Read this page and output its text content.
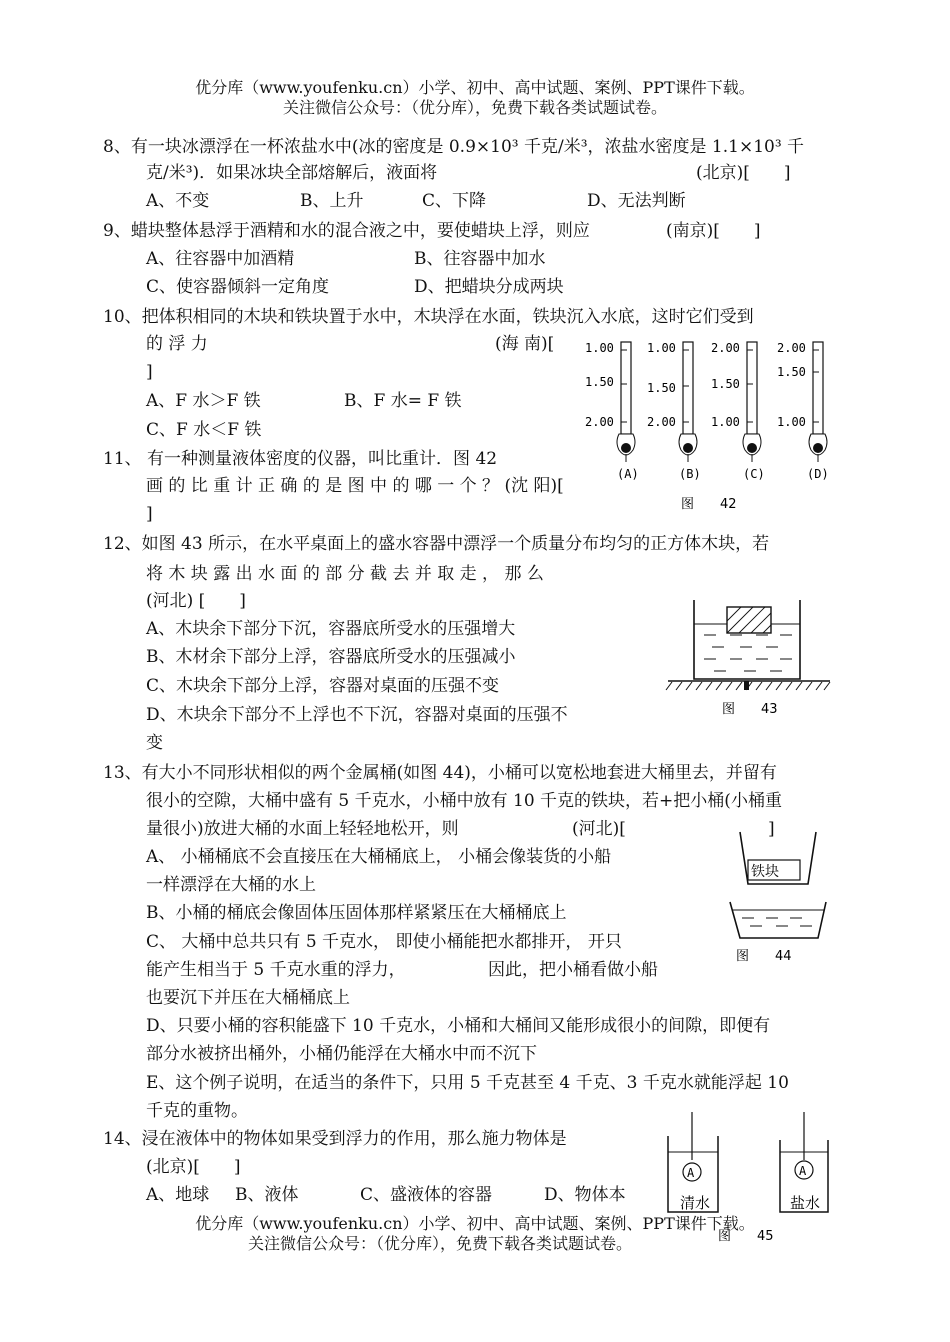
优分库（www.youfenku.cn）小学、初中、高中试题、案例、PPT课件下载。
关注微信公众号：（优分库），免费下载各类试题试卷。
8、有一块冰漂浮在一杯浓盐水中(冰的密度是 0.9×10³ 千克/米³，浓盐水密度是 1.1×10³ 千
克/米³)．如果冰块全部熔解后，液面将	(北京)[　　]
A、不变	B、上升	C、下降	D、无法判断
9、蜡块整体悬浮于酒精和水的混合液之中，要使蜡块上浮，则应	(南京)[　　]
A、往容器中加酒精	B、往容器中加水
C、使容器倾斜一定角度	D、把蜡块分成两块
10、把体积相同的木块和铁块置于水中，木块浮在水面，铁块沉入水底，这时它们受到
的 浮 力	(海 南)[
]
A、F 水＞F 铁	B、F 水= F 铁
C、F 水＜F 铁
11、 有一种测量液体密度的仪器，叫比重计．图 42
画 的 比 重 计 正 确 的 是 图 中 的 哪 一 个 ？ (沈 阳)[
]
1.00
1.50
2.00
(A)
1.00
1.50
2.00
(B)
2.00
1.50
1.00
(C)
2.00
1.50
1.00
(D)
图　　42
12、如图 43 所示，在水平桌面上的盛水容器中漂浮一个质量分布均匀的正方体木块，若
将 木 块 露 出 水 面 的 部 分 截 去 并 取 走 ， 那 么
(河北) [　　]
A、木块余下部分下沉，容器底所受水的压强增大
B、木材余下部分上浮，容器底所受水的压强减小
C、木块余下部分上浮，容器对桌面的压强不变
D、木块余下部分不上浮也不下沉，容器对桌面的压强不
变
图　　43
13、有大小不同形状相似的两个金属桶(如图 44)，小桶可以宽松地套进大桶里去，并留有
很小的空隙，大桶中盛有 5 千克水，小桶中放有 10 千克的铁块，若+把小桶(小桶重
量很小)放进大桶的水面上轻轻地松开，则	(河北)[	]
A、 小桶桶底不会直接压在大桶桶底上， 小桶会像装货的小船
一样漂浮在大桶的水上
B、小桶的桶底会像固体压固体那样紧紧压在大桶桶底上
C、 大桶中总共只有 5 千克水， 即使小桶能把水都排开， 开只
能产生相当于 5 千克水重的浮力，	因此，把小桶看做小船
也要沉下并压在大桶桶底上
D、只要小桶的容积能盛下 10 千克水，小桶和大桶间又能形成很小的间隙，即便有
部分水被挤出桶外，小桶仍能浮在大桶水中而不沉下
E、这个例子说明，在适当的条件下，只用 5 千克甚至 4 千克、3 千克水就能浮起 10
千克的重物。
铁块
图　　44
14、浸在液体中的物体如果受到浮力的作用，那么施力物体是
(北京)[　　]
A、地球 B、液体	C、盛液体的容器	D、物体本
A
清水
A
盐水
图　　45
优分库（www.youfenku.cn）小学、初中、高中试题、案例、PPT课件下载。
关注微信公众号：（优分库），免费下载各类试题试卷。
